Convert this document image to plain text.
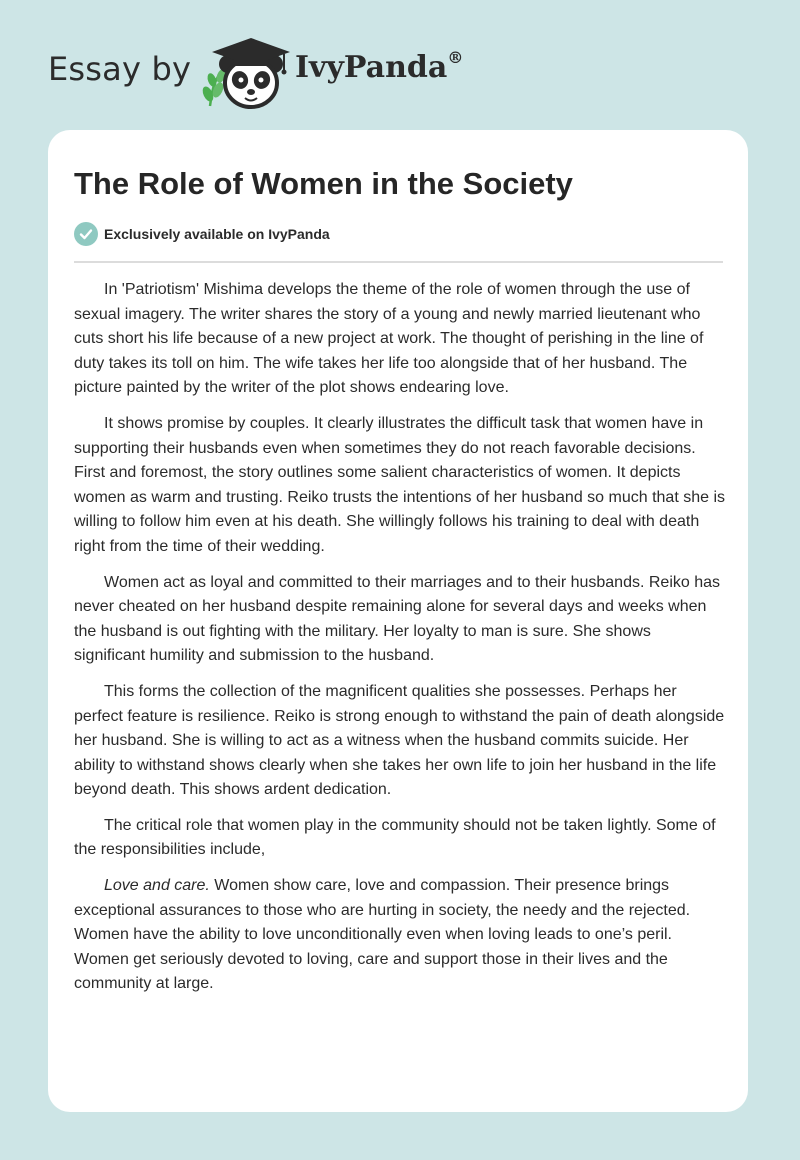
Essay by	IvyPanda®
The Role of Women in the Society
Exclusively available on IvyPanda

In 'Patriotism' Mishima develops the theme of the role of women through the use of sexual imagery. The writer shares the story of a young and newly married lieutenant who cuts short his life because of a new project at work. The thought of perishing in the line of duty takes its toll on him. The wife takes her life too alongside that of her husband. The picture painted by the writer of the plot shows endearing love.

It shows promise by couples. It clearly illustrates the difficult task that women have in supporting their husbands even when sometimes they do not reach favorable decisions. First and foremost, the story outlines some salient characteristics of women. It depicts women as warm and trusting. Reiko trusts the intentions of her husband so much that she is willing to follow him even at his death. She willingly follows his training to deal with death right from the time of their wedding.

Women act as loyal and committed to their marriages and to their husbands. Reiko has never cheated on her husband despite remaining alone for several days and weeks when the husband is out fighting with the military. Her loyalty to man is sure. She shows significant humility and submission to the husband.

This forms the collection of the magnificent qualities she possesses. Perhaps her perfect feature is resilience. Reiko is strong enough to withstand the pain of death alongside her husband. She is willing to act as a witness when the husband commits suicide. Her ability to withstand shows clearly when she takes her own life to join her husband in the life beyond death. This shows ardent dedication.

The critical role that women play in the community should not be taken lightly. Some of the responsibilities include,

Love and care. Women show care, love and compassion. Their presence brings exceptional assurances to those who are hurting in society, the needy and the rejected. Women have the ability to love unconditionally even when loving leads to one’s peril. Women get seriously devoted to loving, care and support those in their lives and the community at large.
